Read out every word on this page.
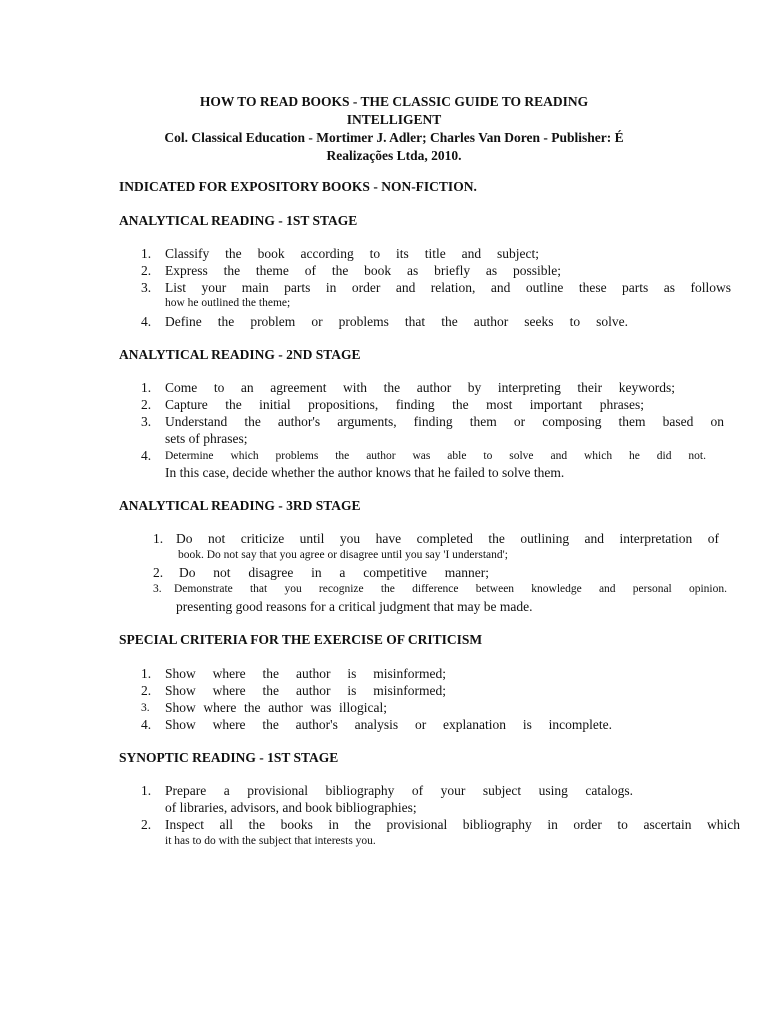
HOW TO READ BOOKS - THE CLASSIC GUIDE TO READING
INTELLIGENT
Col. Classical Education - Mortimer J. Adler; Charles Van Doren - Publisher: É
Realizações Ltda, 2010.
INDICATED FOR EXPOSITORY BOOKS - NON-FICTION.
ANALYTICAL READING - 1ST STAGE
1. Classify the book according to its title and subject;
2. Express the theme of the book as briefly as possible;
3. List your main parts in order and relation, and outline these parts as follows
how he outlined the theme;
4. Define the problem or problems that the author seeks to solve.
ANALYTICAL READING - 2ND STAGE
1. Come to an agreement with the author by interpreting their keywords;
2. Capture the initial propositions, finding the most important phrases;
3. Understand the author's arguments, finding them or composing them based on
sets of phrases;
4. Determine which problems the author was able to solve and which he did not.
In this case, decide whether the author knows that he failed to solve them.
ANALYTICAL READING - 3RD STAGE
1. Do not criticize until you have completed the outlining and interpretation of
book. Do not say that you agree or disagree until you say 'I understand';
2. Do not disagree in a competitive manner;
3. Demonstrate that you recognize the difference between knowledge and personal opinion.
presenting good reasons for a critical judgment that may be made.
SPECIAL CRITERIA FOR THE EXERCISE OF CRITICISM
1. Show where the author is misinformed;
2. Show where the author is misinformed;
3. Show where the author was illogical;
4. Show where the author's analysis or explanation is incomplete.
SYNOPTIC READING - 1ST STAGE
1. Prepare a provisional bibliography of your subject using catalogs.
of libraries, advisors, and book bibliographies;
2. Inspect all the books in the provisional bibliography in order to ascertain which
it has to do with the subject that interests you.
